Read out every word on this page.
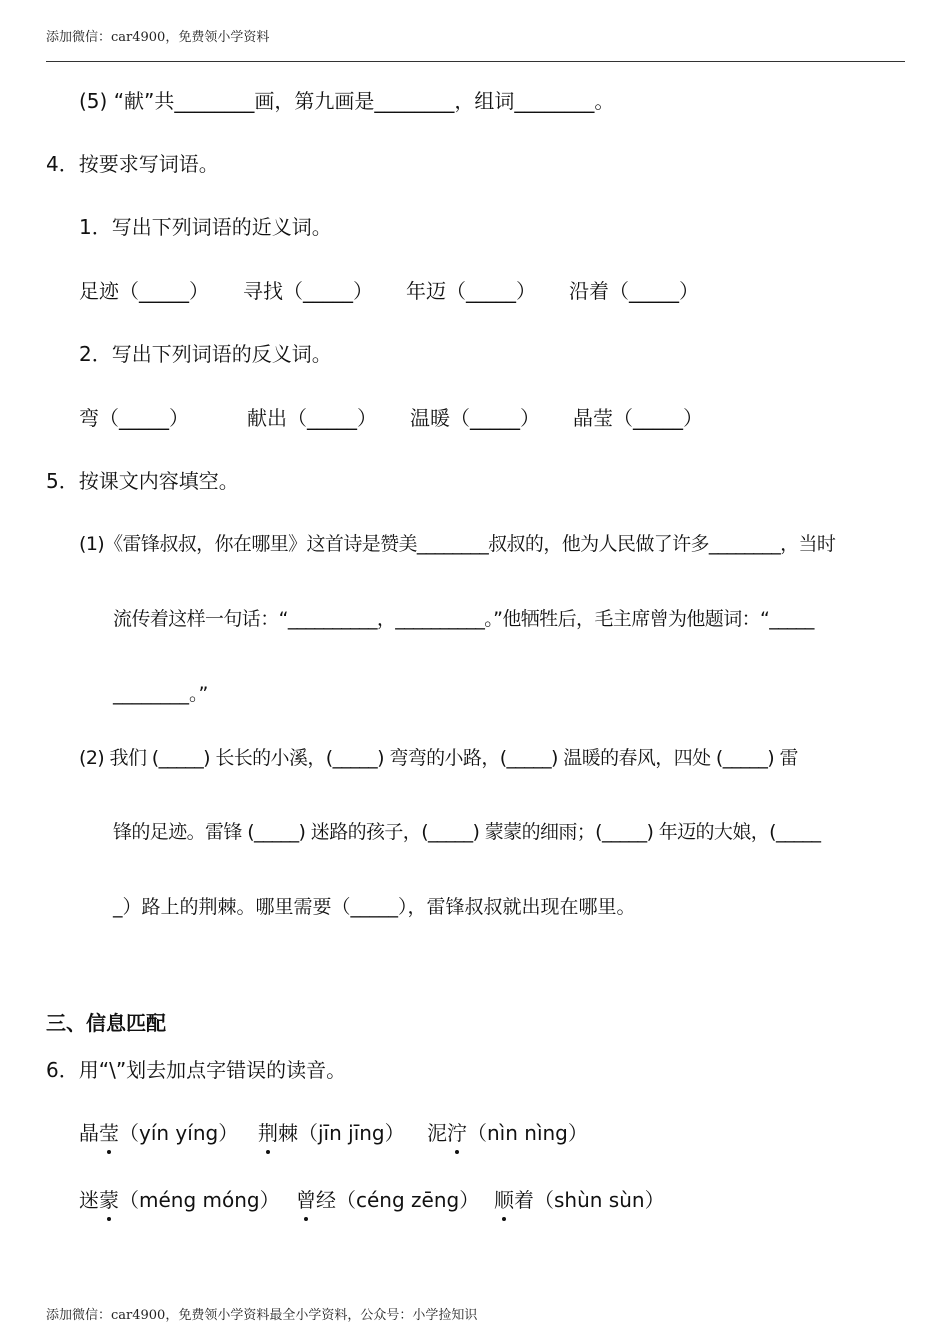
添加微信：car4900，免费领小学资料
(5) “献”共________画，第九画是________，组词________。
4．按要求写词语。
1．写出下列词语的近义词。
足迹（_____） 寻找（_____） 年迈（_____） 沿着（_____）
2．写出下列词语的反义词。
弯（_____）	献出（_____） 温暖（_____） 晶莹（_____）
5．按课文内容填空。
(1)《雷锋叔叔，你在哪里》这首诗是赞美________叔叔的，他为人民做了许多________，当时
流传着这样一句话：“__________，__________。”他牺牲后，毛主席曾为他题词：“_____
________。”
(2) 我们 (_____) 长长的小溪，(_____) 弯弯的小路，(_____) 温暖的春风，四处 (_____) 雷
锋的足迹。雷锋 (_____) 迷路的孩子，(_____) 蒙蒙的细雨；(_____) 年迈的大娘，(_____
_）路上的荆棘。哪里需要（_____），雷锋叔叔就出现在哪里。
三、信息匹配
6．用“\”划去加点字错误的读音。
晶莹（yín yíng） 荆棘（jīn jīng） 泥泞（nìn nìng）
迷蒙（méng móng） 曾经（céng zēng） 顺着（shùn sùn）
添加微信：car4900，免费领小学资料最全小学资料，公众号：小学捡知识
